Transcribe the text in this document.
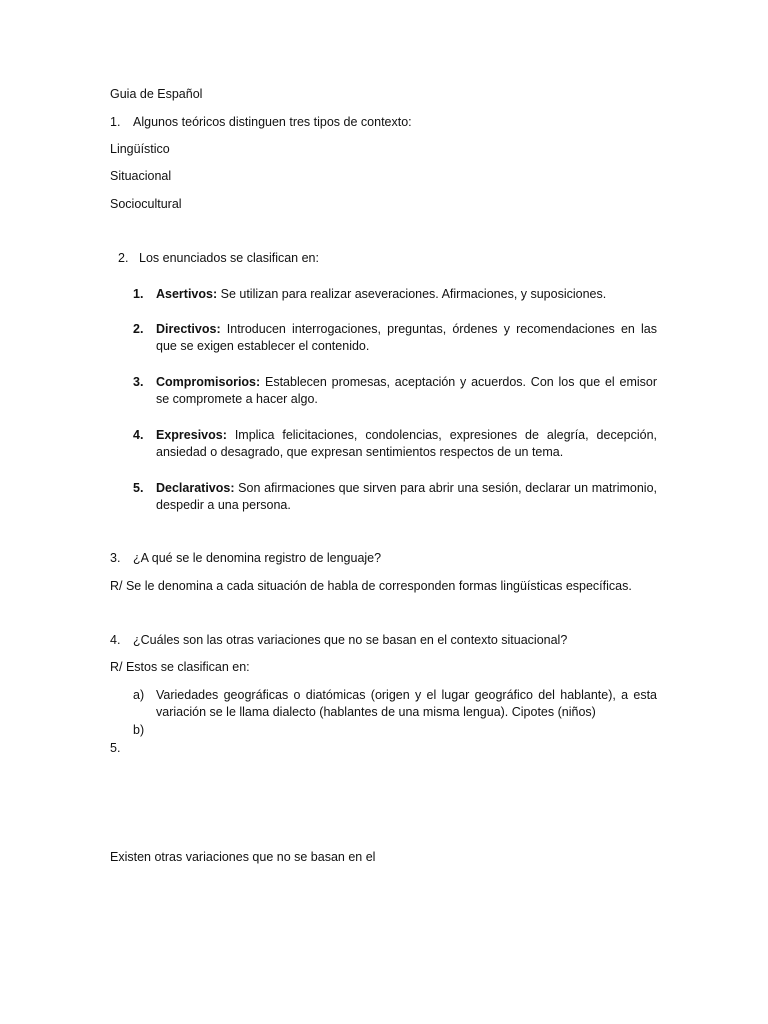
Guia de Español
1. Algunos teóricos distinguen tres tipos de contexto:
Lingüístico
Situacional
Sociocultural
2. Los enunciados se clasifican en:
1. Asertivos: Se utilizan para realizar aseveraciones. Afirmaciones, y suposiciones.
2. Directivos: Introducen interrogaciones, preguntas, órdenes y recomendaciones en las que se exigen establecer el contenido.
3. Compromisorios: Establecen promesas, aceptación y acuerdos. Con los que el emisor se compromete a hacer algo.
4. Expresivos: Implica felicitaciones, condolencias, expresiones de alegría, decepción, ansiedad o desagrado, que expresan sentimientos respectos de un tema.
5. Declarativos: Son afirmaciones que sirven para abrir una sesión, declarar un matrimonio, despedir a una persona.
3. ¿A qué se le denomina registro de lenguaje?
R/ Se le denomina a cada situación de habla de corresponden formas lingüísticas específicas.
4. ¿Cuáles son las otras variaciones que no se basan en el contexto situacional?
R/ Estos se clasifican en:
a) Variedades geográficas o diatómicas (origen y el lugar geográfico del hablante), a esta variación se le llama dialecto (hablantes de una misma lengua). Cipotes (niños)
b)
5.
Existen otras variaciones que no se basan en el
